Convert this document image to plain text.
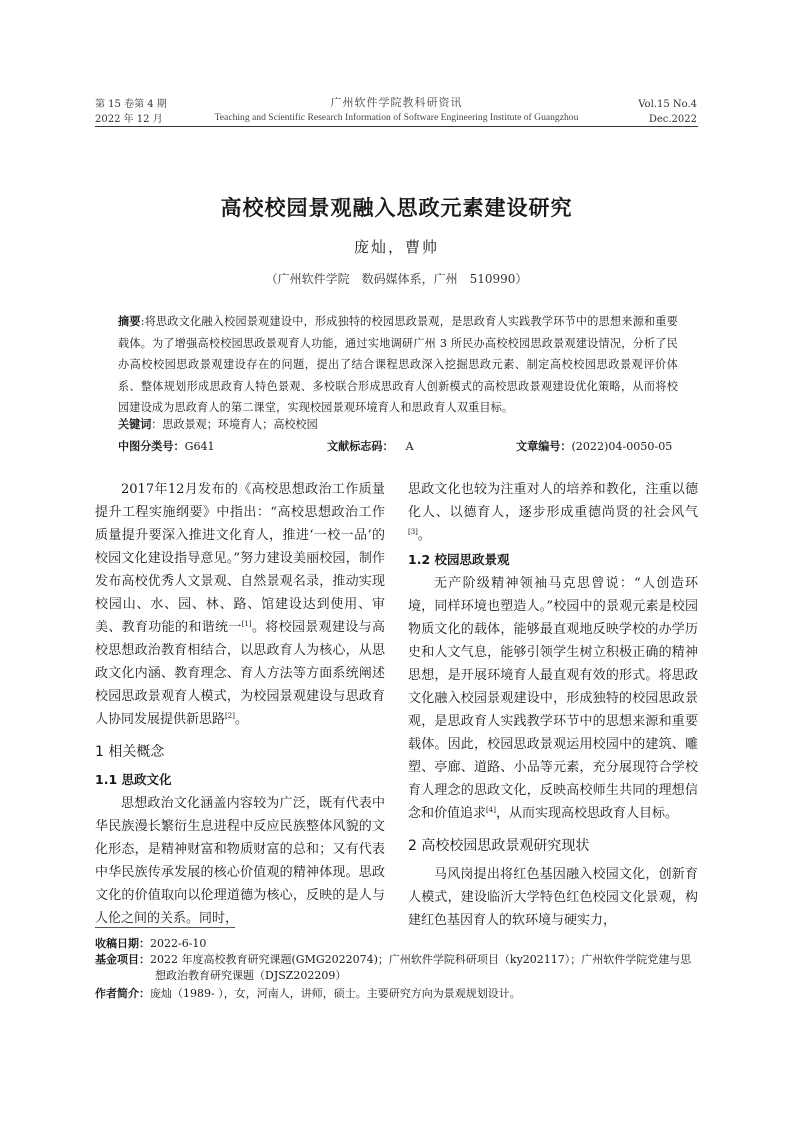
第 15 卷第 4 期
2022 年 12 月
广州软件学院教科研资讯
Teaching and Scientific Research Information of Software Engineering Institute of Guangzhou
Vol.15 No.4
Dec.2022
高校校园景观融入思政元素建设研究
庞灿，曹帅
（广州软件学院　数码媒体系，广州　510990）
摘要:将思政文化融入校园景观建设中，形成独特的校园思政景观，是思政育人实践教学环节中的思想来源和重要载体。为了增强高校校园思政景观育人功能，通过实地调研广州 3 所民办高校校园思政景观建设情况，分析了民办高校校园思政景观建设存在的问题，提出了结合课程思政深入挖掘思政元素、制定高校校园思政景观评价体系、整体规划形成思政育人特色景观、多校联合形成思政育人创新模式的高校思政景观建设优化策略，从而将校园建设成为思政育人的第二课堂，实现校园景观环境育人和思政育人双重目标。
关键词：思政景观；环境育人；高校校园
中图分类号：G641	文献标志码： A	文章编号：(2022)04-0050-05

2017年12月发布的《高校思想政治工作质量提升工程实施纲要》中指出：“高校思想政治工作质量提升要深入推进文化育人，推进‘一校一品’的校园文化建设指导意见。”努力建设美丽校园，制作发布高校优秀人文景观、自然景观名录，推动实现校园山、水、园、林、路、馆建设达到使用、审美、教育功能的和谐统一[1]。将校园景观建设与高校思想政治教育相结合，以思政育人为核心，从思政文化内涵、教育理念、育人方法等方面系统阐述校园思政景观育人模式，为校园景观建设与思政育人协同发展提供新思路[2]。

1 相关概念
1.1 思政文化

思想政治文化涵盖内容较为广泛，既有代表中华民族漫长繁衍生息进程中反应民族整体风貌的文化形态，是精神财富和物质财富的总和；又有代表中华民族传承发展的核心价值观的精神体现。思政文化的价值取向以伦理道德为核心，反映的是人与人伦之间的关系。同时，

思政文化也较为注重对人的培养和教化，注重以德化人、以德育人，逐步形成重德尚贤的社会风气[3]。

1.2 校园思政景观

无产阶级精神领袖马克思曾说：“人创造环境，同样环境也塑造人。”校园中的景观元素是校园物质文化的载体，能够最直观地反映学校的办学历史和人文气息，能够引领学生树立积极正确的精神思想，是开展环境育人最直观有效的形式。将思政文化融入校园景观建设中，形成独特的校园思政景观，是思政育人实践教学环节中的思想来源和重要载体。因此，校园思政景观运用校园中的建筑、雕塑、亭廊、道路、小品等元素，充分展现符合学校育人理念的思政文化，反映高校师生共同的理想信念和价值追求[4]，从而实现高校思政育人目标。

2 高校校园思政景观研究现状

马风岗提出将红色基因融入校园文化，创新育人模式，建设临沂大学特色红色校园文化景观，构建红色基因育人的软环境与硬实力，

收稿日期：2022-6-10
基金项目：2022 年度高校教育研究课题(GMG2022074)；广州软件学院科研项目（ky202117）；广州软件学院党建与思想政治教育研究课题（DJSZ202209）
作者简介：庞灿（1989- ），女，河南人，讲师，硕士。主要研究方向为景观规划设计。
